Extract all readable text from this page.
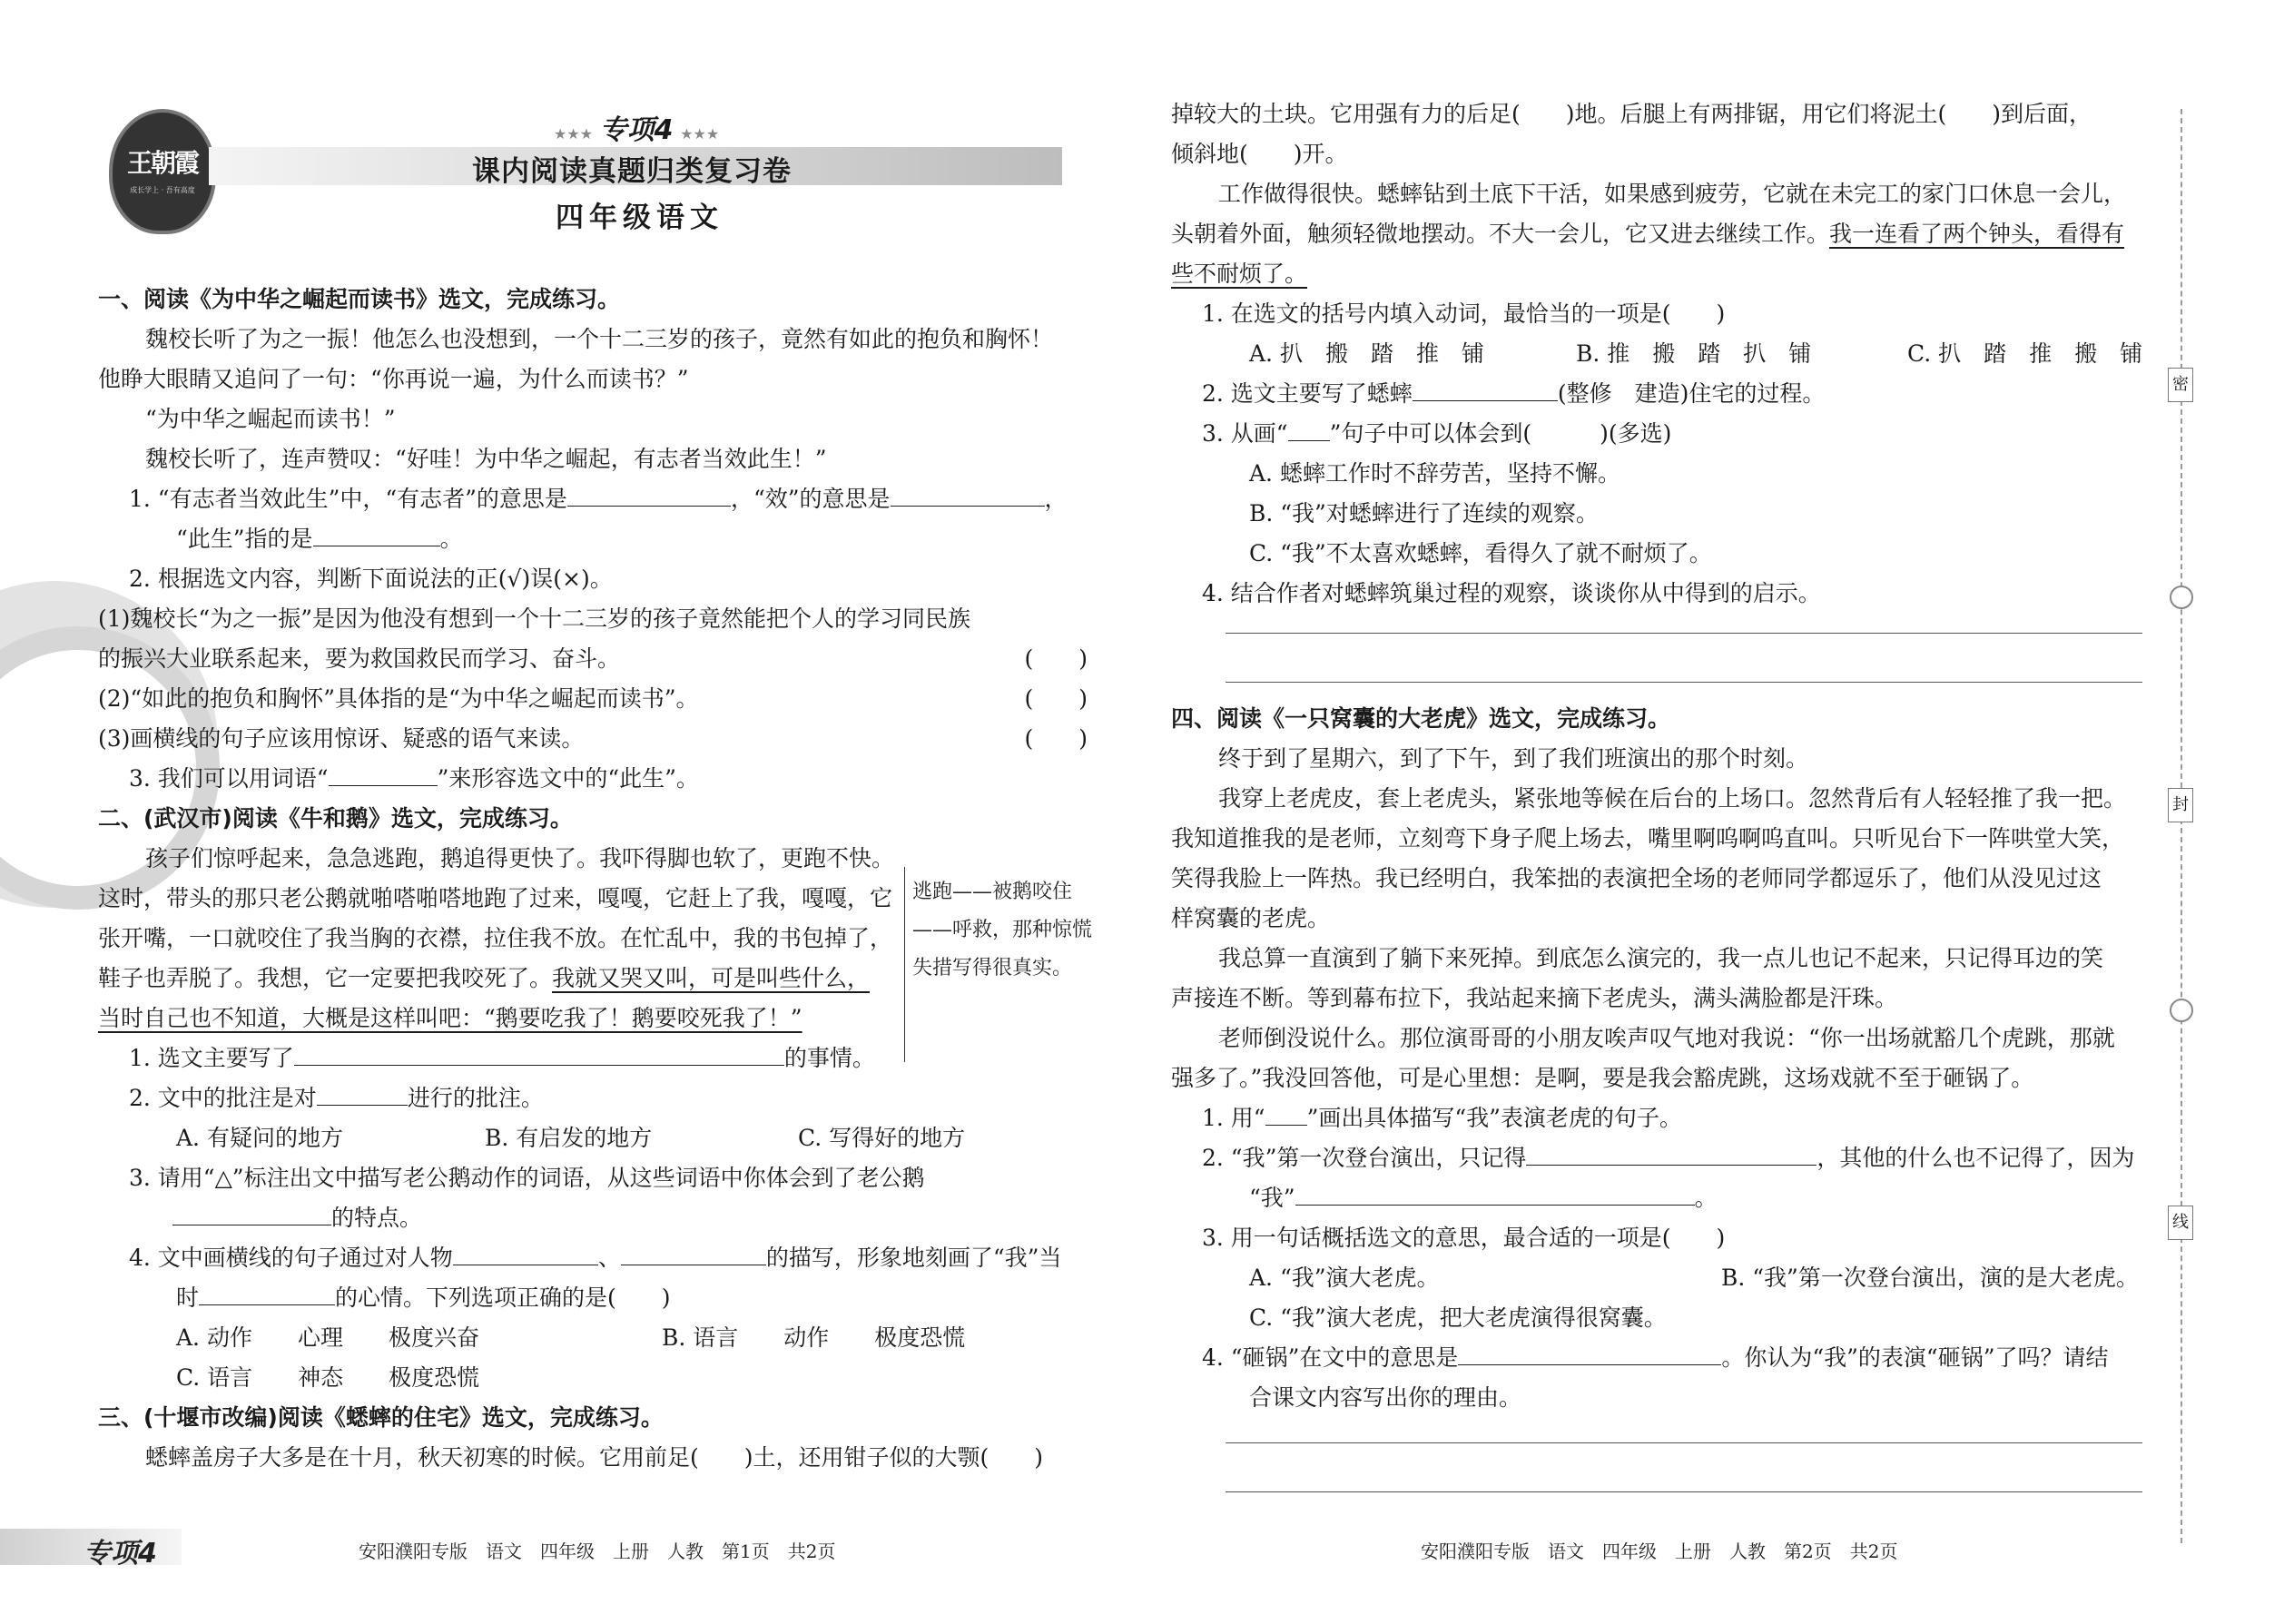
王朝霞
成长学上 · 吾有高度
★★★ 专项4 ★★★
课内阅读真题归类复习卷
四年级语文

一、阅读《为中华之崛起而读书》选文，完成练习。

魏校长听了为之一振！他怎么也没想到，一个十二三岁的孩子，竟然有如此的抱负和胸怀！

他睁大眼睛又追问了一句：“你再说一遍，为什么而读书？”

“为中华之崛起而读书！”

魏校长听了，连声赞叹：“好哇！为中华之崛起，有志者当效此生！”

1. “有志者当效此生”中，“有志者”的意思是	，“效”的意思是	，

“此生”指的是	。

2. 根据选文内容，判断下面说法的正(√)误(×)。

(1)魏校长“为之一振”是因为他没有想到一个十二三岁的孩子竟然能把个人的学习同民族

的振兴大业联系起来，要为救国救民而学习、奋斗。	(　　)

(2)“如此的抱负和胸怀”具体指的是“为中华之崛起而读书”。	(　　)

(3)画横线的句子应该用惊讶、疑惑的语气来读。	(　　)

3. 我们可以用词语“	”来形容选文中的“此生”。

二、(武汉市)阅读《牛和鹅》选文，完成练习。

孩子们惊呼起来，急急逃跑，鹅追得更快了。我吓得脚也软了，更跑不快。

这时，带头的那只老公鹅就啪嗒啪嗒地跑了过来，嘎嘎，它赶上了我，嘎嘎，它

张开嘴，一口就咬住了我当胸的衣襟，拉住我不放。在忙乱中，我的书包掉了，

鞋子也弄脱了。我想，它一定要把我咬死了。我就又哭又叫，可是叫些什么，

当时自己也不知道，大概是这样叫吧：“鹅要吃我了！鹅要咬死我了！”

1. 选文主要写了	的事情。

2. 文中的批注是对	进行的批注。

A. 有疑问的地方	B. 有启发的地方	C. 写得好的地方

3. 请用“△”标注出文中描写老公鹅动作的词语，从这些词语中你体会到了老公鹅

的特点。

4. 文中画横线的句子通过对人物	、	的描写，形象地刻画了“我”当

时	的心情。下列选项正确的是(　　)

A. 动作　　心理　　极度兴奋	B. 语言　　动作　　极度恐慌

C. 语言　　神态　　极度恐慌

三、(十堰市改编)阅读《蟋蟀的住宅》选文，完成练习。

蟋蟀盖房子大多是在十月，秋天初寒的时候。它用前足(　　)土，还用钳子似的大颚(　　)

逃跑——被鹅咬住——呼救，那种惊慌失措写得很真实。
专项4	安阳濮阳专版　语文　四年级　上册　人教　第1页　共2页

掉较大的土块。它用强有力的后足(　　)地。后腿上有两排锯，用它们将泥土(　　)到后面，

倾斜地(　　)开。

工作做得很快。蟋蟀钻到土底下干活，如果感到疲劳，它就在未完工的家门口休息一会儿，

头朝着外面，触须轻微地摆动。不大一会儿，它又进去继续工作。我一连看了两个钟头，看得有

些不耐烦了。

1. 在选文的括号内填入动词，最恰当的一项是(　　)

A. 扒　搬　踏　推　铺	B. 推　搬　踏　扒　铺	C. 扒　踏　推　搬　铺

2. 选文主要写了蟋蟀	(整修　建造)住宅的过程。

3. 从画“ ”句子中可以体会到(　　　)(多选)

A. 蟋蟀工作时不辞劳苦，坚持不懈。

B. “我”对蟋蟀进行了连续的观察。

C. “我”不太喜欢蟋蟀，看得久了就不耐烦了。

4. 结合作者对蟋蟀筑巢过程的观察，谈谈你从中得到的启示。

四、阅读《一只窝囊的大老虎》选文，完成练习。

终于到了星期六，到了下午，到了我们班演出的那个时刻。

我穿上老虎皮，套上老虎头，紧张地等候在后台的上场口。忽然背后有人轻轻推了我一把。

我知道推我的是老师，立刻弯下身子爬上场去，嘴里啊呜啊呜直叫。只听见台下一阵哄堂大笑，

笑得我脸上一阵热。我已经明白，我笨拙的表演把全场的老师同学都逗乐了，他们从没见过这

样窝囊的老虎。

我总算一直演到了躺下来死掉。到底怎么演完的，我一点儿也记不起来，只记得耳边的笑

声接连不断。等到幕布拉下，我站起来摘下老虎头，满头满脸都是汗珠。

老师倒没说什么。那位演哥哥的小朋友唉声叹气地对我说：“你一出场就豁几个虎跳，那就

强多了。”我没回答他，可是心里想：是啊，要是我会豁虎跳，这场戏就不至于砸锅了。

1. 用“ ”画出具体描写“我”表演老虎的句子。

2. “我”第一次登台演出，只记得	，其他的什么也不记得了，因为

“我”	。

3. 用一句话概括选文的意思，最合适的一项是(　　)

A. “我”演大老虎。	B. “我”第一次登台演出，演的是大老虎。

C. “我”演大老虎，把大老虎演得很窝囊。

4. “砸锅”在文中的意思是	。你认为“我”的表演“砸锅”了吗？请结

合课文内容写出你的理由。

安阳濮阳专版　语文　四年级　上册　人教　第2页　共2页
密
封
线
